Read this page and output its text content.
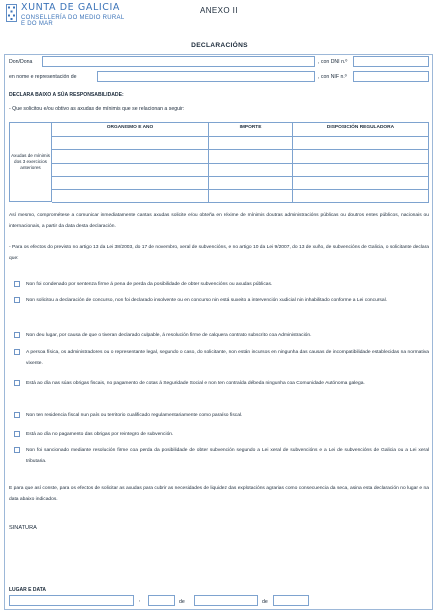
XUNTA DE GALICIA
CONSELLERÍA DO MEDIO RURAL
E DO MAR
ANEXO II
DECLARACIÓNS
Don/Dona	, con DNI n.º
en nome e representación de	, con NIF n.º
DECLARA BAIXO A SÚA RESPONSABILIDADE:
- Que solicitou e/ou obtivo as axudas de mínimis que se relacionan a seguir:
Axudas de mínimis dos 3 exercicios anteriores
ORGANISMO E ANO	IMPORTE	DISPOSICIÓN REGULADORA
Así mesmo, comprométese a comunicar inmediatamente cantas axudas solicite e/ou obteña en réxime de mínimis doutras administracións públicas ou doutros entes públicos, nacionais ou internacionais, a partir da data desta declaración.
- Para os efectos do previsto no artigo 13 da Lei 38/2003, do 17 de novembro, xeral de subvencións, e no artigo 10 da Lei 9/2007, do 13 de xuño, de subvencións de Galicia, o solicitante declara que:
Non foi condenado por sentenza firme á pena de perda da posibilidade de obter subvencións ou axudas públicas.
Non solicitou a declaración de concurso, non foi declarado insolvente ou en concurso nin está suxeito a intervención xudicial nin inhabilitado conforme a Lei concursal.
Non deu lugar, por causa de que o tiveran declarado culpable, á resolución firme de calquera contrato subscrito coa Administración.
A persoa física, os administradores ou o representante legal, segundo o caso, do solicitante, non están incursos en ningunha das causas de incompatibilidade establecidas na normativa vixente.
Está ao día nas súas obrigas fiscais, no pagamento de cotas á Seguridade Social e non ten contraída débeda ningunha coa Comunidade Autónoma galega.
Non ten residencia fiscal nun país ou territorio cualificado regulamentariamente como paraíso fiscal.
Está ao día no pagamento das obrigas por reintegro de subvención.
Non foi sancionado mediante resolución firme coa perda da posibilidade de obter subvención segundo a Lei xeral de subvencións e a Lei de subvencións de Galicia ou a Lei xeral tributaria.
E para que así conste, para os efectos de solicitar as axudas para cubrir as necesidades de liquidez das explotacións agrarias como consecuencia da seca, asina esta declaración no lugar e na data abaixo indicados.
SINATURA
LUGAR E DATA
,	de	de
